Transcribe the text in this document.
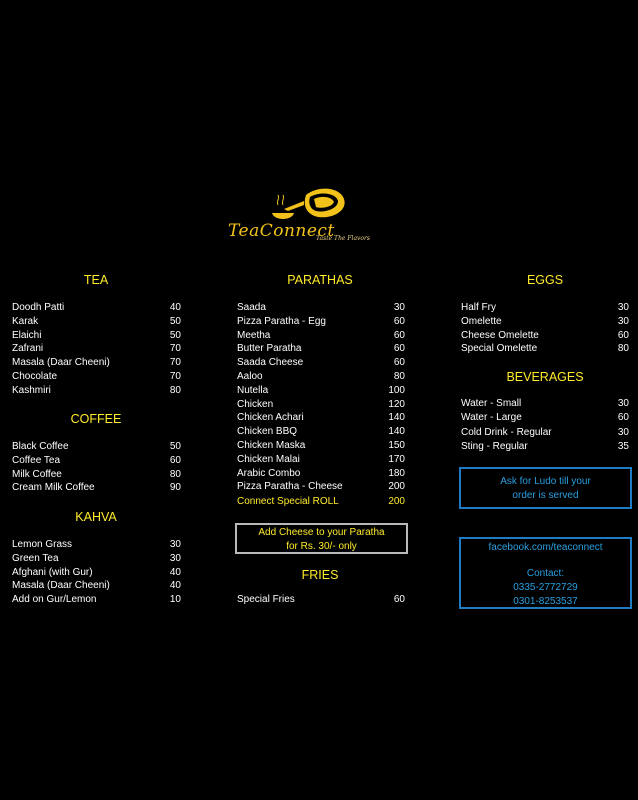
TeaConnect
Taste The Flavors
TEA
Doodh Patti	40
Karak	50
Elaichi	50
Zafrani	70
Masala (Daar Cheeni)	70
Chocolate	70
Kashmiri	80
COFFEE
Black Coffee	50
Coffee Tea	60
Milk Coffee	80
Cream Milk Coffee	90
KAHVA
Lemon Grass	30
Green Tea	30
Afghani (with Gur)	40
Masala (Daar Cheeni)	40
Add on Gur/Lemon	10
PARATHAS
Saada	30
Pizza Paratha - Egg	60
Meetha	60
Butter Paratha	60
Saada Cheese	60
Aaloo	80
Nutella	100
Chicken	120
Chicken Achari	140
Chicken BBQ	140
Chicken Maska	150
Chicken Malai	170
Arabic Combo	180
Pizza Paratha - Cheese	200
Connect Special ROLL	200
Add Cheese to your Paratha
for Rs. 30/- only
FRIES
Special Fries	60
EGGS
Half Fry	30
Omelette	30
Cheese Omelette	60
Special Omelette	80
BEVERAGES
Water - Small	30
Water - Large	60
Cold Drink - Regular	30
Sting - Regular	35
Ask for Ludo till your
order is served
facebook.com/teaconnect
Contact:
0335-2772729
0301-8253537
